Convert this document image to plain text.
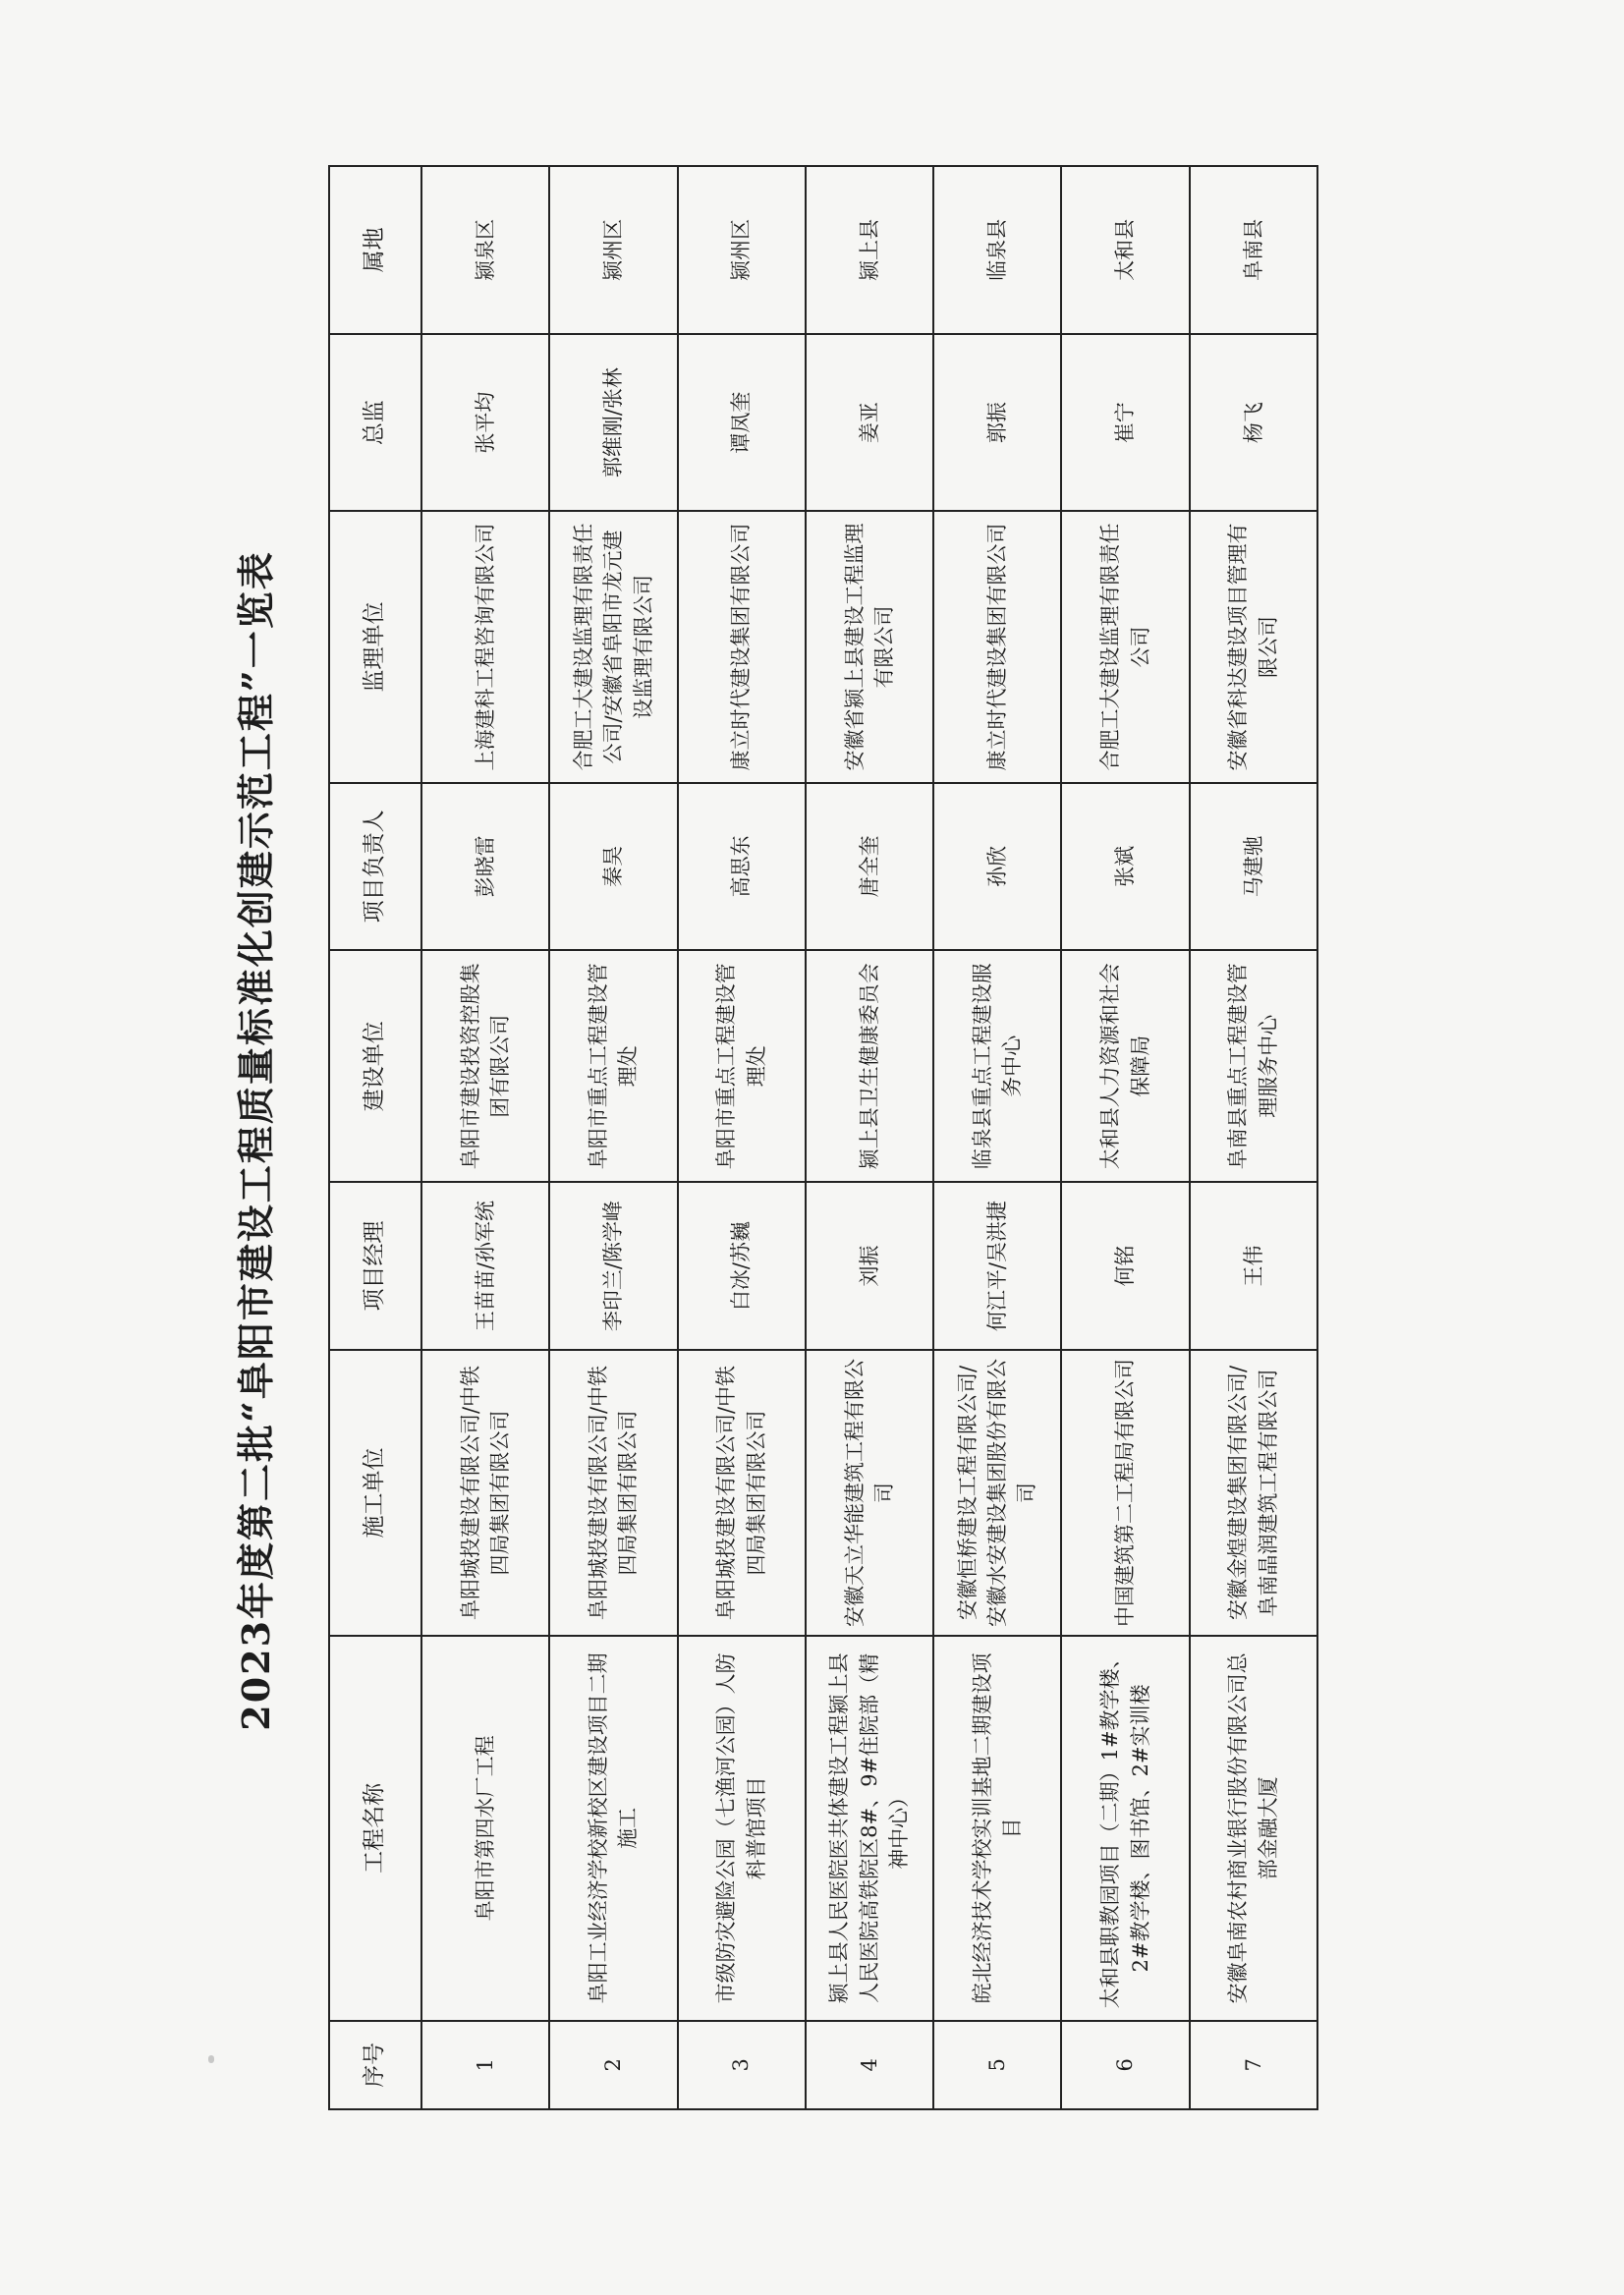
2023年度第二批“阜阳市建设工程质量标准化创建示范工程”一览表
序号	工程名称	施工单位	项目经理	建设单位	项目负责人	监理单位	总监	属地
1	阜阳市第四水厂工程	阜阳城投建设有限公司/中铁四局集团有限公司	王苗苗/孙军统	阜阳市建设投资控股集团有限公司	彭晓雷	上海建科工程咨询有限公司	张平均	颍泉区
2	阜阳工业经济学校新校区建设项目二期施工	阜阳城投建设有限公司/中铁四局集团有限公司	李印兰/陈学峰	阜阳市重点工程建设管理处	秦昊	合肥工大建设监理有限责任公司/安徽省阜阳市龙元建设监理有限公司	郭维刚/张林	颍州区
3	市级防灾避险公园（七渔河公园）人防科普馆项目	阜阳城投建设有限公司/中铁四局集团有限公司	白冰/苏巍	阜阳市重点工程建设管理处	高思东	康立时代建设集团有限公司	谭凤奎	颍州区
4	颍上县人民医院医共体建设工程颍上县人民医院高铁院区8#、9#住院部（精神中心）	安徽天立华能建筑工程有限公司	刘振	颍上县卫生健康委员会	唐全奎	安徽省颍上县建设工程监理有限公司	姜亚	颍上县
5	皖北经济技术学校实训基地二期建设项目	安徽恒桥建设工程有限公司/安徽水安建设集团股份有限公司	何江平/吴洪捷	临泉县重点工程建设服务中心	孙欣	康立时代建设集团有限公司	郭振	临泉县
6	太和县职教园项目（二期）1#教学楼、2#教学楼、图书馆、2#实训楼	中国建筑第二工程局有限公司	何铭	太和县人力资源和社会保障局	张斌	合肥工大建设监理有限责任公司	崔宁	太和县
7	安徽阜南农村商业银行股份有限公司总部金融大厦	安徽金煌建设集团有限公司/阜南晶润建筑工程有限公司	王伟	阜南县重点工程建设管理服务中心	马建驰	安徽省科达建设项目管理有限公司	杨飞	阜南县
